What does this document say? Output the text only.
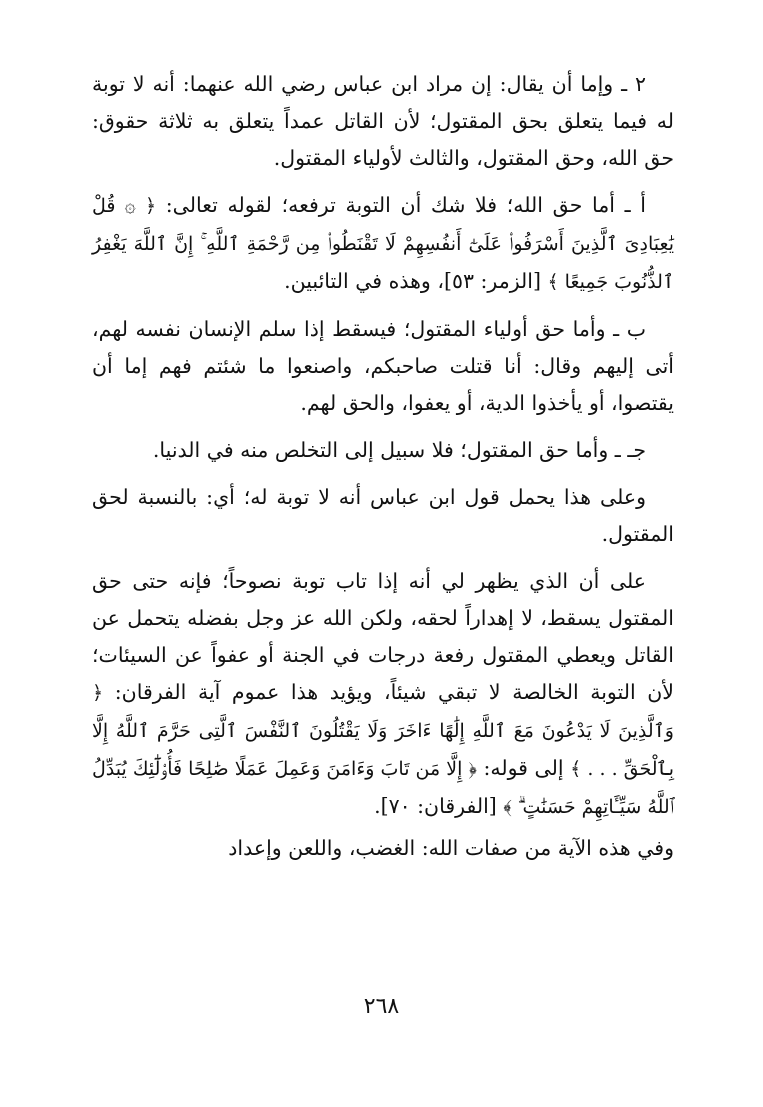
٢ ـ وإما أن يقال: إن مراد ابن عباس رضي الله عنهما: أنه لا توبة له فيما يتعلق بحق المقتول؛ لأن القاتل عمداً يتعلق به ثلاثة حقوق: حق الله، وحق المقتول، والثالث لأولياء المقتول.

أ ـ أما حق الله؛ فلا شك أن التوبة ترفعه؛ لقوله تعالى: ﴿ ۞ قُلْ يَٰعِبَادِىَ ٱلَّذِينَ أَسْرَفُوا۟ عَلَىٰٓ أَنفُسِهِمْ لَا تَقْنَطُوا۟ مِن رَّحْمَةِ ٱللَّهِ ۚ إِنَّ ٱللَّهَ يَغْفِرُ ٱلذُّنُوبَ جَمِيعًا ﴾ [الزمر: ٥٣]، وهذه في التائبين.

ب ـ وأما حق أولياء المقتول؛ فيسقط إذا سلم الإنسان نفسه لهم، أتى إليهم وقال: أنا قتلت صاحبكم، واصنعوا ما شئتم فهم إما أن يقتصوا، أو يأخذوا الدية، أو يعفوا، والحق لهم.

جـ ـ وأما حق المقتول؛ فلا سبيل إلى التخلص منه في الدنيا.

وعلى هذا يحمل قول ابن عباس أنه لا توبة له؛ أي: بالنسبة لحق المقتول.

على أن الذي يظهر لي أنه إذا تاب توبة نصوحاً؛ فإنه حتى حق المقتول يسقط، لا إهداراً لحقه، ولكن الله عز وجل بفضله يتحمل عن القاتل ويعطي المقتول رفعة درجات في الجنة أو عفواً عن السيئات؛ لأن التوبة الخالصة لا تبقي شيئاً، ويؤيد هذا عموم آية الفرقان: ﴿ وَٱلَّذِينَ لَا يَدْعُونَ مَعَ ٱللَّهِ إِلَٰهًا ءَاخَرَ وَلَا يَقْتُلُونَ ٱلنَّفْسَ ٱلَّتِى حَرَّمَ ٱللَّهُ إِلَّا بِٱلْحَقِّ . . . ﴾ إلى قوله: ﴿ إِلَّا مَن تَابَ وَءَامَنَ وَعَمِلَ عَمَلًا صَٰلِحًا فَأُو۟لَٰٓئِكَ يُبَدِّلُ ٱللَّهُ سَيِّـَٔاتِهِمْ حَسَنَٰتٍ ۗ ﴾ [الفرقان: ٧٠].

وفي هذه الآية من صفات الله: الغضب، واللعن وإعداد

٢٦٨
